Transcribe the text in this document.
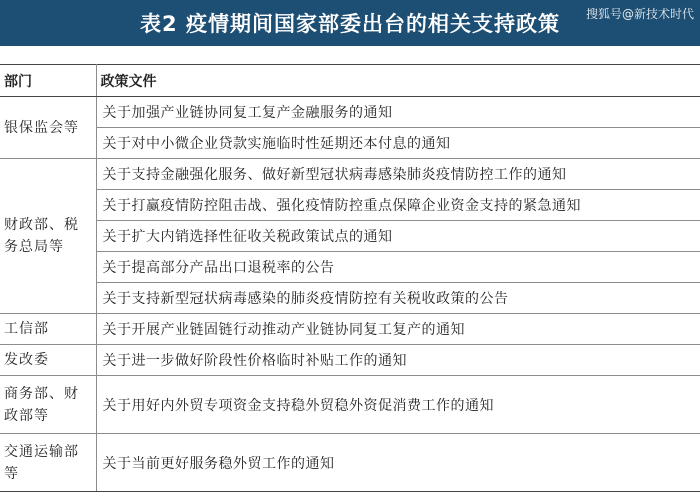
表2 疫情期间国家部委出台的相关支持政策	搜狐号@新技术时代
部门	政策文件
银保监会等	关于加强产业链协同复工复产金融服务的通知
	关于对中小微企业贷款实施临时性延期还本付息的通知
财政部、税务总局等	关于支持金融强化服务、做好新型冠状病毒感染肺炎疫情防控工作的通知
	关于打赢疫情防控阻击战、强化疫情防控重点保障企业资金支持的紧急通知
	关于扩大内销选择性征收关税政策试点的通知
	关于提高部分产品出口退税率的公告
	关于支持新型冠状病毒感染的肺炎疫情防控有关税收政策的公告
工信部	关于开展产业链固链行动推动产业链协同复工复产的通知
发改委	关于进一步做好阶段性价格临时补贴工作的通知
商务部、财政部等	关于用好内外贸专项资金支持稳外贸稳外资促消费工作的通知
交通运输部等	关于当前更好服务稳外贸工作的通知
